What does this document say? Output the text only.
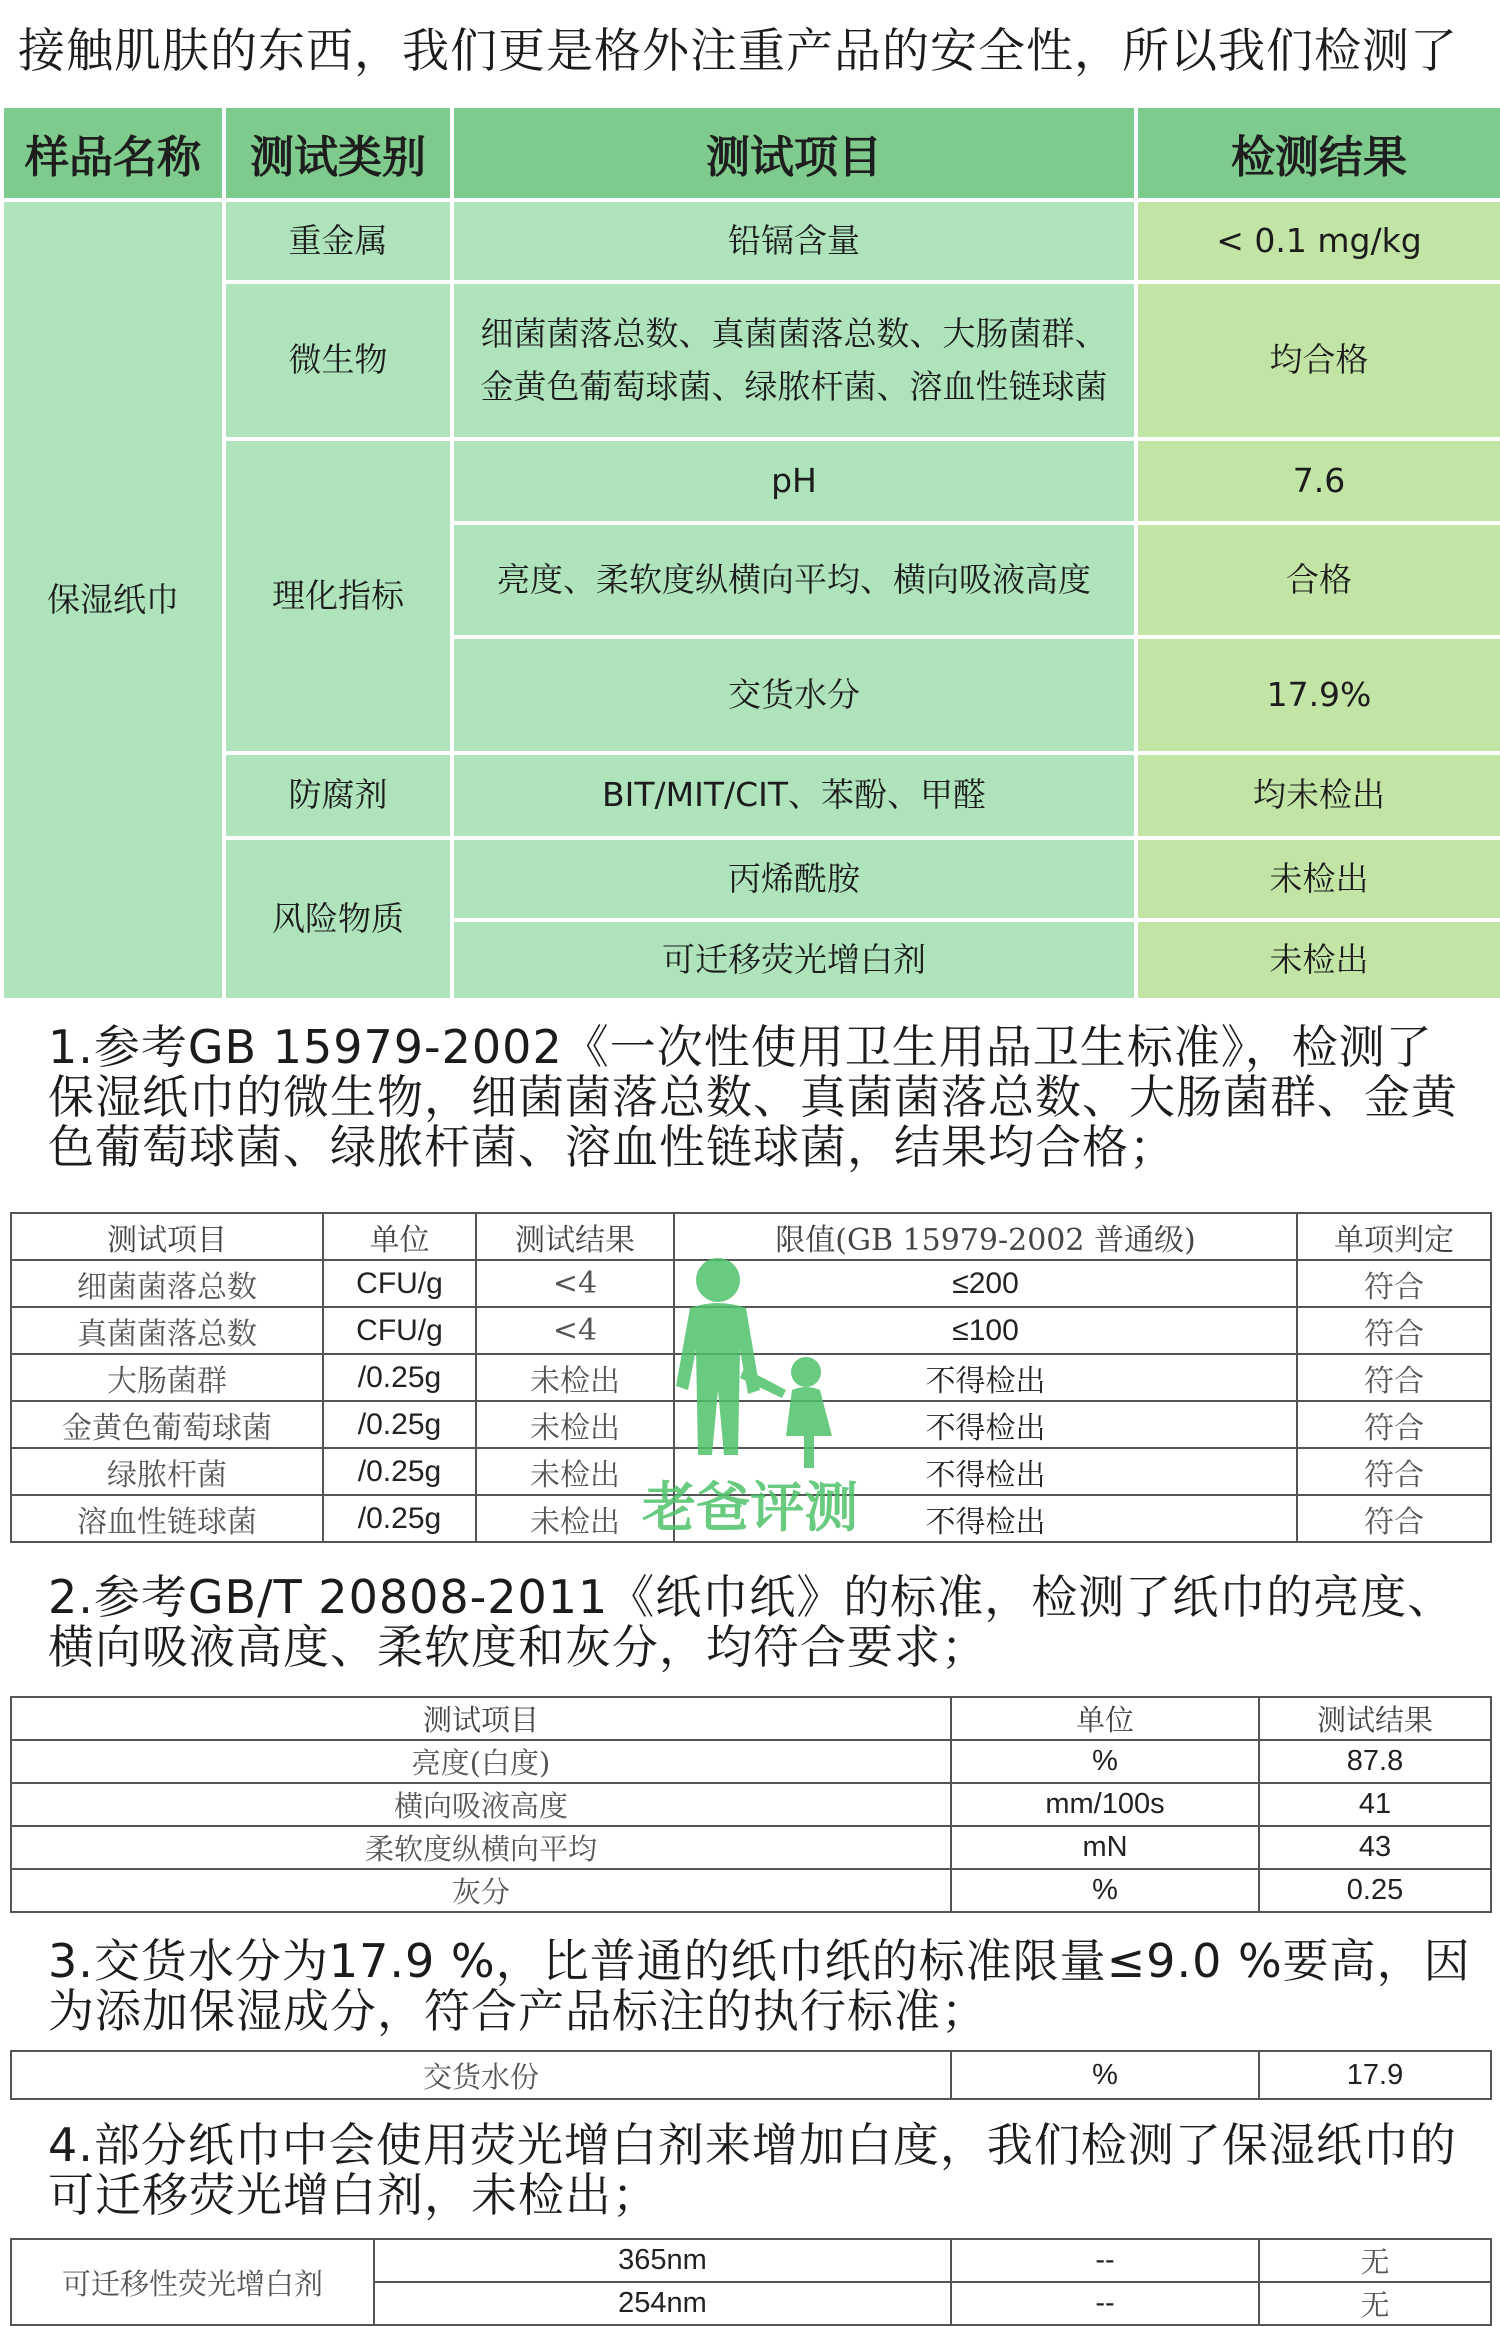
接触肌肤的东西，我们更是格外注重产品的安全性，所以我们检测了
样品名称	测试类别	测试项目	检测结果
保湿纸巾	重金属	铅镉含量	< 0.1 mg/kg
	微生物	细菌菌落总数、真菌菌落总数、大肠菌群、金黄色葡萄球菌、绿脓杆菌、溶血性链球菌	均合格
	理化指标	pH	7.6
		亮度、柔软度纵横向平均、横向吸液高度	合格
		交货水分	17.9%
	防腐剂	BIT/MIT/CIT、苯酚、甲醛	均未检出
	风险物质	丙烯酰胺	未检出
		可迁移荧光增白剂	未检出
1.参考GB 15979-2002《一次性使用卫生用品卫生标准》，检测了保湿纸巾的微生物，细菌菌落总数、真菌菌落总数、大肠菌群、金黄色葡萄球菌、绿脓杆菌、溶血性链球菌，结果均合格；
测试项目	单位	测试结果	限值(GB 15979-2002 普通级)	单项判定
细菌菌落总数	CFU/g	<4	≤200	符合
真菌菌落总数	CFU/g	<4	≤100	符合
大肠菌群	/0.25g	未检出	不得检出	符合
金黄色葡萄球菌	/0.25g	未检出	不得检出	符合
绿脓杆菌	/0.25g	未检出	不得检出	符合
溶血性链球菌	/0.25g	未检出	不得检出	符合
老爸评测
2.参考GB/T 20808-2011《纸巾纸》的标准，检测了纸巾的亮度、横向吸液高度、柔软度和灰分，均符合要求；
测试项目	单位	测试结果
亮度(白度)	%	87.8
横向吸液高度	mm/100s	41
柔软度纵横向平均	mN	43
灰分	%	0.25
3.交货水分为17.9 %，比普通的纸巾纸的标准限量≤9.0 %要高，因为添加保湿成分，符合产品标注的执行标准；
交货水份	%	17.9
4.部分纸巾中会使用荧光增白剂来增加白度，我们检测了保湿纸巾的可迁移荧光增白剂，未检出；
可迁移性荧光增白剂	365nm	--	无
	254nm	--	无
